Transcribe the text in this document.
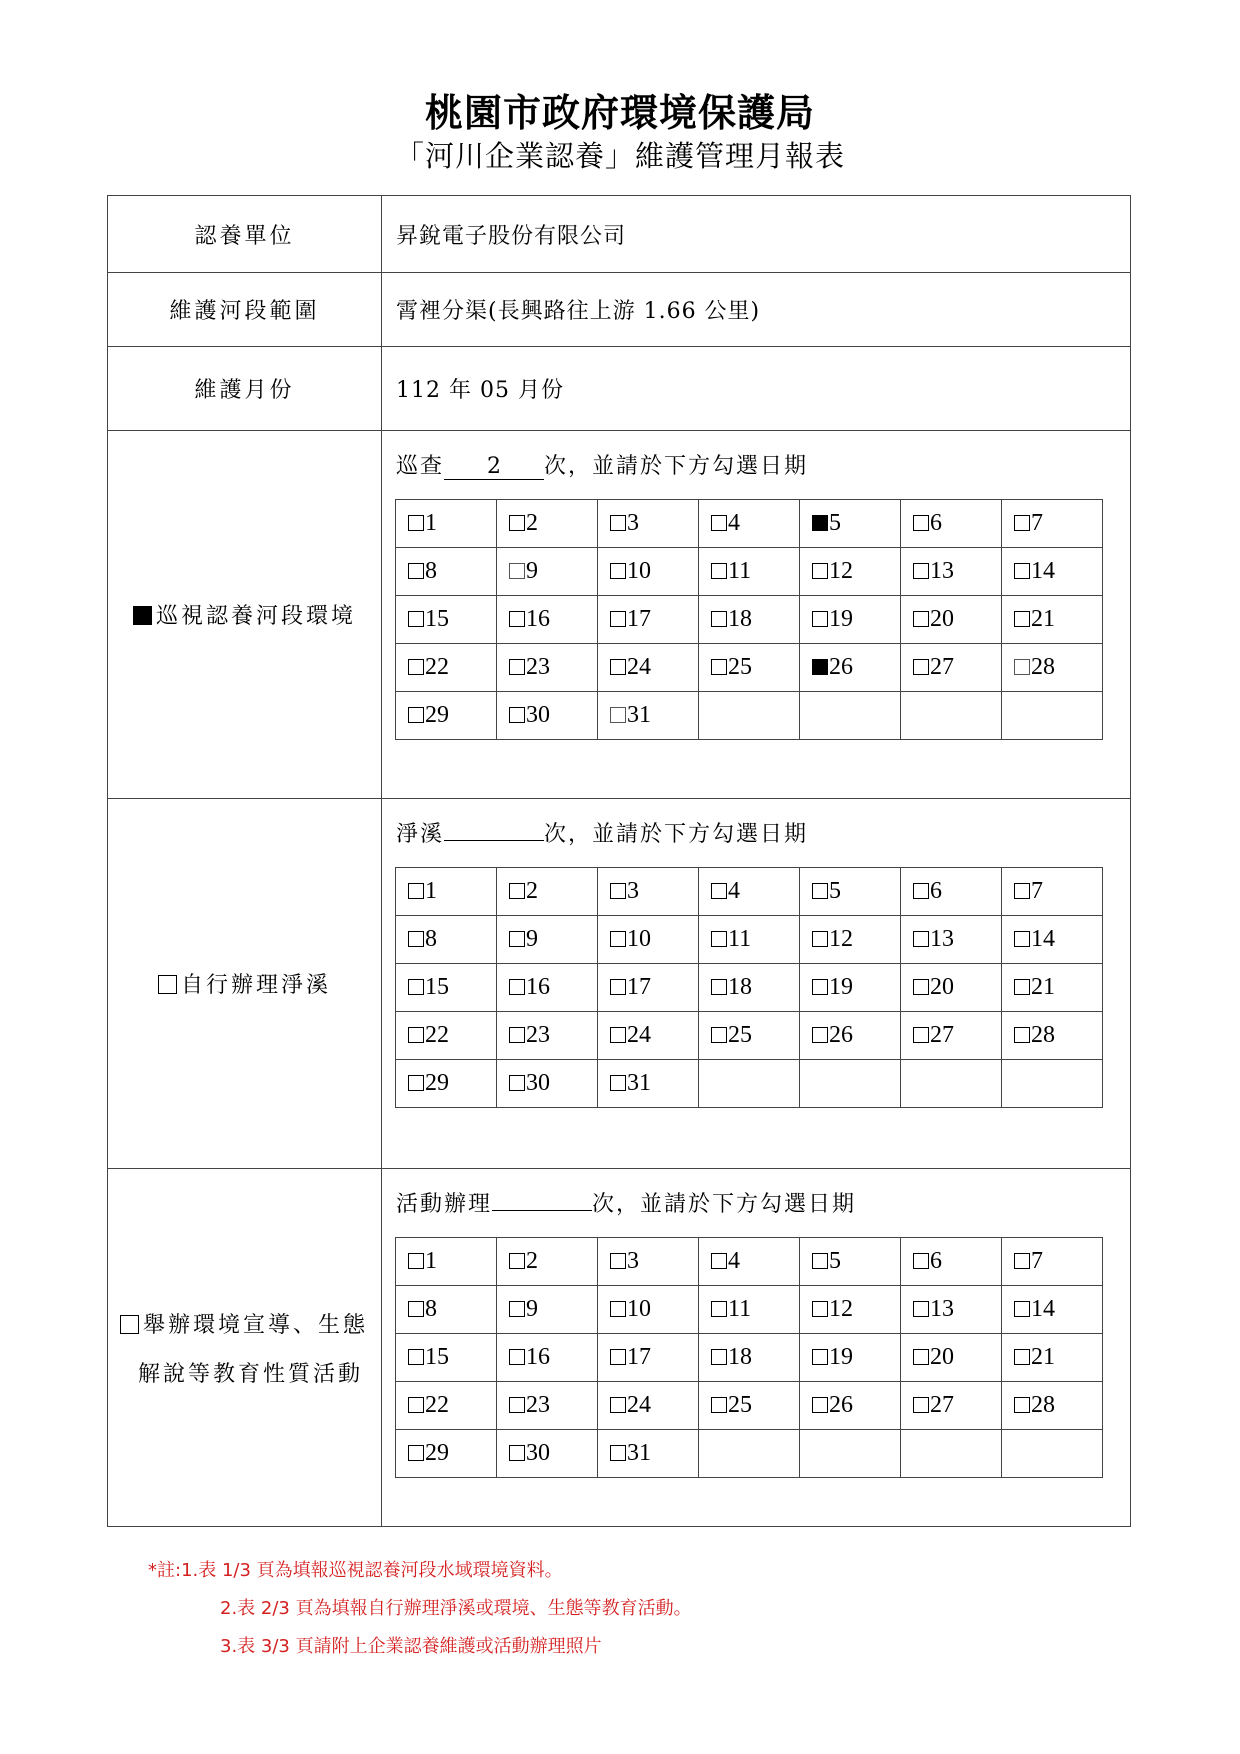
桃園市政府環境保護局
「河川企業認養」維護管理月報表
認養單位	昇銳電子股份有限公司
維護河段範圍	霄裡分渠(長興路往上游 1.66 公里)
維護月份	112 年 05 月份
巡視認養河段環境	
巡查 2 次，並請於下方勾選日期
1	2	3	4	5	6	7
8	9	10	11	12	13	14
15	16	17	18	19	20	21
22	23	24	25	26	27	28
29	30	31				

自行辦理淨溪	
淨溪	次，並請於下方勾選日期
1	2	3	4	5	6	7
8	9	10	11	12	13	14
15	16	17	18	19	20	21
22	23	24	25	26	27	28
29	30	31				

舉辦環境宣導、生態
解說等教育性質活動

活動辦理	次，並請於下方勾選日期
1	2	3	4	5	6	7
8	9	10	11	12	13	14
15	16	17	18	19	20	21
22	23	24	25	26	27	28
29	30	31				
*註:1.表 1/3 頁為填報巡視認養河段水域環境資料。
2.表 2/3 頁為填報自行辦理淨溪或環境、生態等教育活動。
3.表 3/3 頁請附上企業認養維護或活動辦理照片
